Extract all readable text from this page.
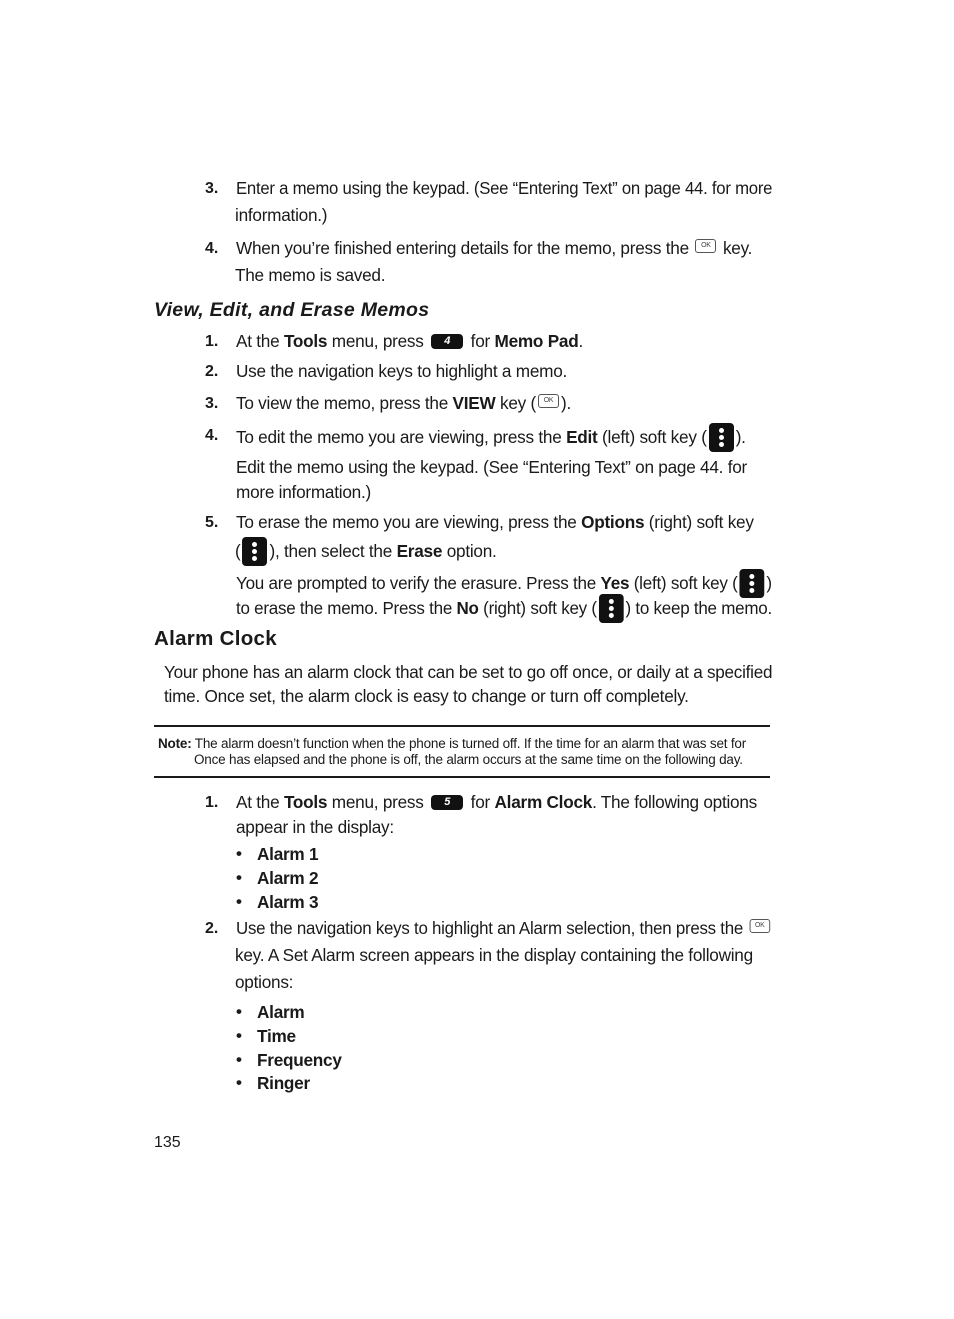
3. Enter a memo using the keypad. (See “Entering Text” on page 44. for more
information.)
4. When you’re finished entering details for the memo, press the OK key.
The memo is saved.
View, Edit, and Erase Memos
1. At the Tools menu, press	4	for Memo Pad.
2. Use the navigation keys to highlight a memo.
3. To view the memo, press the VIEW key ( OK ).
4. To edit the memo you are viewing, press the Edit (left) soft key ( ).
Edit the memo using the keypad. (See “Entering Text” on page 44. for
more information.)
5. To erase the memo you are viewing, press the Options (right) soft key
( ), then select the Erase option.
You are prompted to verify the erasure. Press the Yes (left) soft key ( )
to erase the memo. Press the No (right) soft key ( ) to keep the memo.
Alarm Clock
Your phone has an alarm clock that can be set to go off once, or daily at a specified
time. Once set, the alarm clock is easy to change or turn off completely.
Note: The alarm doesn’t function when the phone is turned off. If the time for an alarm that was set for
Once has elapsed and the phone is off, the alarm occurs at the same time on the following day.
1. At the Tools menu, press	5	for Alarm Clock. The following options
appear in the display:
• Alarm 1
• Alarm 2
• Alarm 3
2. Use the navigation keys to highlight an Alarm selection, then press the OK
key. A Set Alarm screen appears in the display containing the following
options:
• Alarm
• Time
• Frequency
• Ringer
135
